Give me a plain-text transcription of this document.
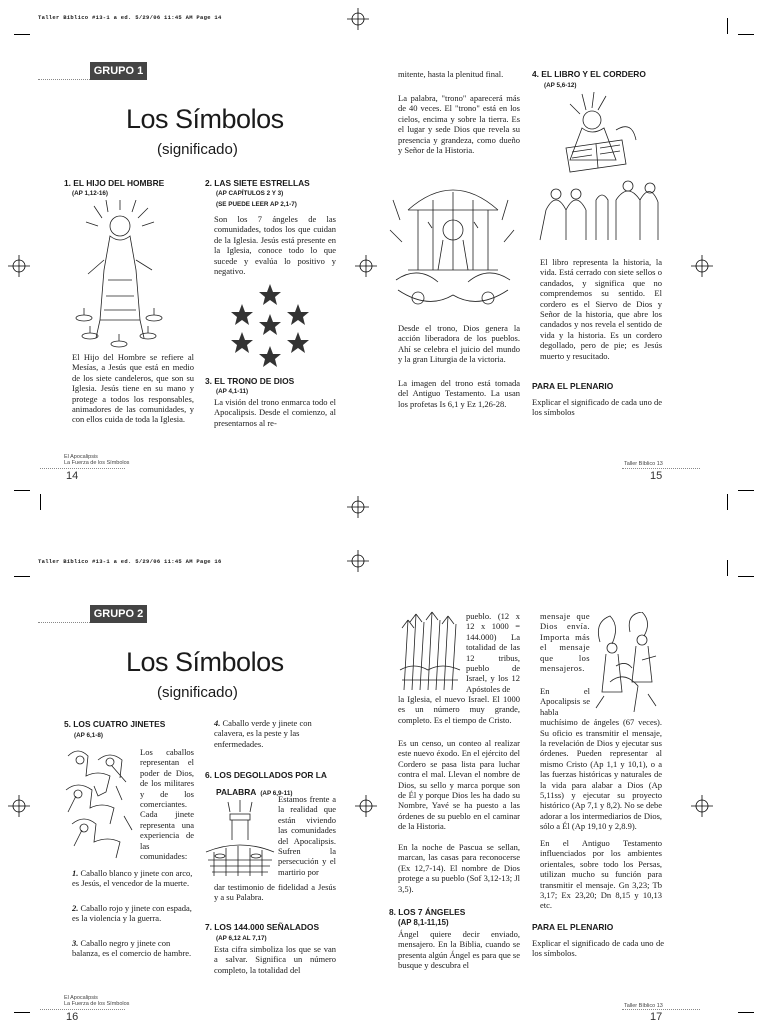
Taller Bíblico #13-1 a ed. 5/29/06 11:45 AM Page 14
GRUPO 1
Los Símbolos
(significado)
1. EL HIJO DEL HOMBRE
(AP 1,12-16)
El Hijo del Hombre se refiere al Mesías, a Jesús que está en medio de los siete candeleros, que son su Iglesia. Jesús tiene en su mano y protege a todos los responsables, animadores de las comunidades, y con ellos cuida de toda la Iglesia.
2. LAS SIETE ESTRELLAS
(AP CAPÍTULOS 2 Y 3)
(SE PUEDE LEER AP 2,1-7)
Son los 7 ángeles de las comunidades, todos los que cuidan de la Iglesia. Jesús está presente en la Iglesia, conoce todo lo que sucede y evalúa lo positivo y negativo.
3. EL TRONO DE DIOS
(AP 4,1-11)
La visión del trono enmarca todo el Apocalipsis. Desde el comienzo, al presentarnos al re-
mitente, hasta la plenitud final.
La palabra, "trono" aparecerá más de 40 veces. El "trono" está en los cielos, encima y sobre la tierra. Es el lugar y sede Dios que revela su presencia y grandeza, como dueño y Señor de la Historia.
Desde el trono, Dios genera la acción liberadora de los pueblos. Ahí se celebra el juicio del mundo y la gran Liturgia de la victoria.
La imagen del trono está tomada del Antiguo Testamento. La usan los profetas Is 6,1 y Ez 1,26-28.
4. EL LIBRO Y EL CORDERO
(AP 5,6-12)
El libro representa la historia, la vida. Está cerrado con siete sellos o candados, y significa que no comprendemos su sentido. El cordero es el Siervo de Dios y Señor de la historia, que abre los candados y nos revela el sentido de vida y la historia. Es un cordero degollado, pero de pie; es Jesús muerto y resucitado.
PARA EL PLENARIO
Explicar el significado de cada uno de los símbolos
El Apocalipsis
La Fuerza de los Símbolos
14
Taller Bíblico 13
15
Taller Bíblico #13-1 a ed. 5/29/06 11:45 AM Page 16
GRUPO 2
Los Símbolos
(significado)
5. LOS CUATRO JINETES
(AP 6,1-8)
Los caballos representan el poder de Dios, de los militares y de los comerciantes. Cada jinete representa una experiencia de las comunidades:
1. Caballo blanco y jinete con arco, es Jesús, el vencedor de la muerte.
2. Caballo rojo y jinete con espada, es la violencia y la guerra.
3. Caballo negro y jinete con balanza, es el comercio de hambre.
4. Caballo verde y jinete con calavera, es la peste y las enfermedades.
6. LOS DEGOLLADOS POR LA
PALABRA (AP 6,9-11)
Estamos frente a la realidad que están viviendo las comunidades del Apocalipsis. Sufren la persecución y el martirio por
dar testimonio de fidelidad a Jesús y a su Palabra.
7. LOS 144.000 SEÑALADOS
(AP 6,12 AL 7,17)
Esta cifra simboliza los que se van a salvar. Significa un número completo, la totalidad del
pueblo. (12 x 12 x 1000 = 144.000) La totalidad de las 12 tribus, pueblo de Israel, y los 12 Apóstoles de
la Iglesia, el nuevo Israel. El 1000 es un número muy grande, completo. Es el tiempo de Cristo.
Es un censo, un conteo al realizar este nuevo éxodo. En el ejército del Cordero se pasa lista para luchar contra el mal. Llevan el nombre de Dios, su sello y marca porque son de Él y porque Dios les ha dado su Nombre, Yavé se ha puesto a las órdenes de su pueblo en el caminar de la Historia.
En la noche de Pascua se sellan, marcan, las casas para reconocerse (Ex 12,7-14). El nombre de Dios protege a su pueblo (Sof 3,12-13; Jl 3,5).
8. LOS 7 ÁNGELES
(AP 8,1-11,15)
Ángel quiere decir enviado, mensajero. En la Biblia, cuando se presenta algún Ángel es para que se busque y descubra el
mensaje que Dios envía. Importa más el mensaje que los mensajeros.
En el Apocalipsis se habla muchísimo de ángeles (67 veces). Su oficio es transmitir el mensaje, la revelación de Dios y ejecutar sus órdenes. Pueden representar al mismo Cristo (Ap 1,1 y 10,1), o a las fuerzas históricas y naturales de la vida para alabar a Dios (Ap 5,11ss) y ejecutar su proyecto histórico (Ap 7,1 y 8,2). No se debe adorar a los intermediarios de Dios, sólo a Él (Ap 19,10 y 2,8.9).
En el Antiguo Testamento influenciados por los ambientes orientales, sobre todo los Persas, utilizan mucho su función para transmitir el mensaje. Gn 3,23; Tb 3,17; Ex 23,20; Dn 8,15 y 10,13 etc.
PARA EL PLENARIO
Explicar el significado de cada uno de los símbolos.
El Apocalipsis
La Fuerza de los Símbolos
16
Taller Bíblico 13
17
